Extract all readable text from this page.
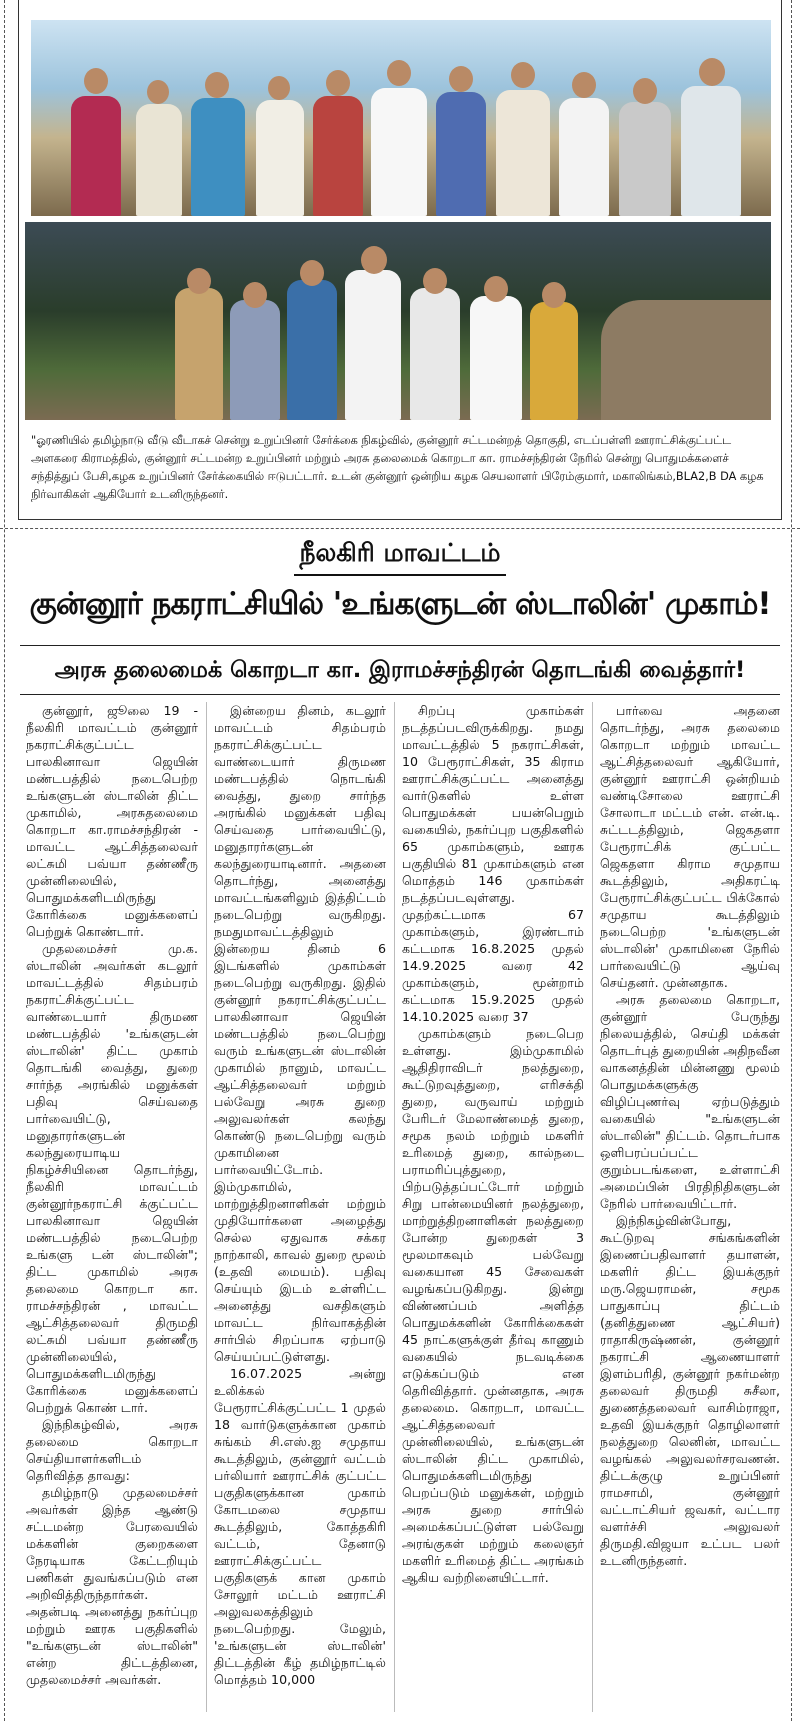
"ஓரணியில் தமிழ்நாடு வீடு வீடாகச் சென்று உறுப்பினர் சேர்க்கை நிகழ்வில், குன்னூர் சட்டமன்றத் தொகுதி, எடப்பள்ளி ஊராட்சிக்குட்பட்ட அளகரை கிராமத்தில், குன்னூர் சட்டமன்ற உறுப்பினர் மற்றும் அரசு தலைமைக் கொறடா கா. ராமச்சந்திரன் நேரில் சென்று பொதுமக்களைச் சந்தித்துப் பேசி,கழக உறுப்பினர் சேர்க்கையில் ஈடுபட்டார். உடன் குன்னூர் ஒன்றிய கழக செயலாளர் பிரேம்குமார், மகாலிங்கம்,BLA2,B DA கழக நிர்வாகிகள் ஆகியோர் உடனிருந்தனர்.
நீலகிரி மாவட்டம்
குன்னூர் நகராட்சியில் 'உங்களுடன் ஸ்டாலின்' முகாம்!
அரசு தலைமைக் கொறடா கா. இராமச்சந்திரன் தொடங்கி வைத்தார்!

குன்னூர், ஜூலை 19 - நீலகிரி மாவட்டம் குன்னூர் நகராட்சிக்குட்பட்ட பாலகினாவா ஜெயின் மண்டபத்தில் நடைபெற்ற உங்களுடன் ஸ்டாலின் திட்ட முகாமில், அரசுதலைமை கொறடா கா.ராமச்சந்திரன் - மாவட்ட ஆட்சித்தலைவர் லட்சுமி பவ்யா தண்ணீரு முன்னிலையில், பொதுமக்களிடமிருந்து கோரிக்கை மனுக்களைப் பெற்றுக் கொண்டார்.

முதலமைச்சர் மு.க. ஸ்டாலின் அவர்கள் கடலூர் மாவட்டத்தில் சிதம்பரம் நகராட்சிக்குட்பட்ட வாண்டையார் திருமண மண்டபத்தில் 'உங்களுடன் ஸ்டாலின்' திட்ட முகாம் தொடங்கி வைத்து, துறை சார்ந்த அரங்கில் மனுக்கள் பதிவு செய்வதை பார்வையிட்டு, மனுதாரர்களுடன் கலந்துரையாடிய நிகழ்ச்சியினை தொடர்ந்து, நீலகிரி மாவட்டம் குன்னூர்நகராட்சி க்குட்பட்ட பாலகினாவா ஜெயின் மண்டபத்தில் நடைபெற்ற உங்களு டன் ஸ்டாலின்"; திட்ட முகாமில் அரசு தலைமை கொறடா கா. ராமச்சந்திரன் , மாவட்ட ஆட்சித்தலைவர் திருமதி லட்சுமி பவ்யா தண்ணீரு முன்னிலையில், பொதுமக்களிடமிருந்து கோரிக்கை மனுக்களைப் பெற்றுக் கொண் டார்.

இந்நிகழ்வில், அரசு தலைமை கொறடா செய்தியாளர்களிடம் தெரிவித்த தாவது:

தமிழ்நாடு முதலமைச்சர் அவர்கள் இந்த ஆண்டு சட்டமன்ற பேரவையில் மக்களின் குறைகளை நேரடியாக கேட்டறியும் பணிகள் துவங்கப்படும் என அறிவித்திருந்தார்கள். அதன்படி அனைத்து நகர்ப்புற மற்றும் ஊரக பகுதிகளில் "உங்களுடன் ஸ்டாலின்" என்ற திட்டத்தினை, முதலமைச்சர் அவர்கள்.

இன்றைய தினம், கடலூர் மாவட்டம் சிதம்பரம் நகராட்சிக்குட்பட்ட வாண்டையார் திருமண மண்டபத்தில் நொடங்கி வைத்து, துறை சார்ந்த அரங்கில் மனுக்கள் பதிவு செய்வதை பார்வையிட்டு, மனுதாரர்களுடன் கலந்துரையாடினார். அதனை தொடர்ந்து, அனைத்து மாவட்டங்களிலும் இத்திட்டம் நடைபெற்று வருகிறது. நமதுமாவட்டத்திலும் இன்றைய தினம் 6 இடங்களில் முகாம்கள் நடைபெற்று வருகிறது. இதில் குன்னூர் நகராட்சிக்குட்பட்ட பாலகினாவா ஜெயின் மண்டபத்தில் நடைபெற்று வரும் உங்களுடன் ஸ்டாலின் முகாமில் நானும், மாவட்ட ஆட்சித்தலைவர் மற்றும் பல்வேறு அரசு துறை அலுவலர்கள் கலந்து கொண்டு நடைபெற்று வரும் முகாமினை பார்வையிட்டோம். இம்முகாமில், மாற்றுத்திறனாளிகள் மற்றும் முதியோர்களை அழைத்து செல்ல ஏதுவாக சக்கர நாற்காலி, காவல் துறை மூலம் (உதவி மையம்). பதிவு செய்யும் இடம் உள்ளிட்ட அனைத்து வசதிகளும் மாவட்ட நிர்வாகத்தின் சார்பில் சிறப்பாக ஏற்பாடு செய்யப்பட்டுள்ளது.

16.07.2025 அன்று உலிக்கல் பேரூராட்சிக்குட்பட்ட 1 முதல் 18 வார்டுகளுக்கான முகாம் சுங்கம் சி.எஸ்.ஐ சமுதாய கூடத்திலும், குன்னூர் வட்டம் பர்லியார் ஊராட்சிக் குட்பட்ட பகுதிகளுக்கான முகாம் கோடமலை சமுதாய கூடத்திலும், கோத்தகிரி வட்டம், தேனாடு ஊராட்சிக்குட்பட்ட பகுதிகளுக் கான முகாம் சோலூர் மட்டம் ஊராட்சி அலுவலகத்திலும் நடைபெற்றது. மேலும், 'உங்களுடன் ஸ்டாலின்' திட்டத்தின் கீழ் தமிழ்நாட்டில் மொத்தம் 10,000

சிறப்பு முகாம்கள் நடத்தப்படவிருக்கிறது. நமது மாவட்டத்தில் 5 நகராட்சிகள், 10 பேரூராட்சிகள், 35 கிராம ஊராட்சிக்குட்பட்ட அனைத்து வார்டுகளில் உள்ள பொதுமக்கள் பயன்பெறும் வகையில், நகர்ப்புற பகுதிகளில் 65 முகாம்களும், ஊரக பகுதியில் 81 முகாம்களும் என மொத்தம் 146 முகாம்கள் நடத்தப்படவுள்ளது. முதற்கட்டமாக 67 முகாம்களும், இரண்டாம் கட்டமாக 16.8.2025 முதல் 14.9.2025 வரை 42 முகாம்களும், மூன்றாம் கட்டமாக 15.9.2025 முதல் 14.10.2025 வரை 37

முகாம்களும் நடைபெற உள்ளது. இம்முகாமில் ஆதிதிராவிடர் நலத்துறை, கூட்டுறவுத்துறை, எரிசக்தி துறை, வருவாய் மற்றும் பேரிடர் மேலாண்மைத் துறை, சமூக நலம் மற்றும் மகளிர் உரிமைத் துறை, கால்நடை பராமரிப்புத்துறை, பிற்படுத்தப்பட்டோர் மற்றும் சிறு பான்மையினர் நலத்துறை, மாற்றுத்திறனாளிகள் நலத்துறை போன்ற துறைகள் 3 மூலமாகவும் பல்வேறு வகையான 45 சேவைகள் வழங்கப்படுகிறது. இன்று விண்ணப்பம் அளித்த பொதுமக்களின் கோரிக்கைகள் 45 நாட்களுக்குள் தீர்வு காணும் வகையில் நடவடிக்கை எடுக்கப்படும் என தெரிவித்தார். முன்னதாக, அரசு தலைமை. கொறடா, மாவட்ட ஆட்சித்தலைவர் முன்னிலையில், உங்களுடன் ஸ்டாலின் திட்ட முகாமில், பொதுமக்களிடமிருந்து பெறப்படும் மனுக்கள், மற்றும் அரசு துறை சார்பில் அமைக்கப்பட்டுள்ள பல்வேறு அரங்குகள் மற்றும் கலைஞர் மகளிர் உரிமைத் திட்ட அரங்கம் ஆகிய வற்றினையிட்டார்.

பார்வை அதனை தொடர்ந்து, அரசு தலைமை கொறடா மற்றும் மாவட்ட ஆட்சித்தலைவர் ஆகியோர், குன்னூர் ஊராட்சி ஒன்றியம் வண்டிசோலை ஊராட்சி சோலாடா மட்டம் என். என்.டி. சுட்டடத்திலும், ஜெகதளா பேரூராட்சிக் குட்பட்ட ஜெகதளா கிராம சமுதாய கூடத்திலும், அதிகரட்டி பேரூராட்சிக்குட்பட்ட பிக்கோல் சமுதாய கூடத்திலும் நடைபெற்ற 'உங்களுடன் ஸ்டாலின்' முகாமினை நேரில் பார்வையிட்டு ஆய்வு செய்தனர். முன்னதாக.

அரசு தலைமை கொறடா, குன்னூர் பேருந்து நிலையத்தில், செய்தி மக்கள் தொடர்புத் துறையின் அதிநவீன வாகனத்தின் மின்னணு மூலம் பொதுமக்களுக்கு விழிப்புணர்வு ஏற்படுத்தும் வகையில் "உங்களுடன் ஸ்டாலின்" திட்டம். தொடர்பாக ஒளிபரப்பப்பட்ட குறும்படங்களை, உள்ளாட்சி அமைப்பின் பிரதிநிதிகளுடன் நேரில் பார்வையிட்டார்.

இந்நிகழ்வின்போது, கூட்டுறவு சங்கங்களின் இணைப்பதிவாளர் தயாளன், மகளிர் திட்ட இயக்குநர் மரு.ஜெயராமன், சமூக பாதுகாப்பு திட்டம் (தனித்துணை ஆட்சியர்) ராதாகிருஷ்ணன், குன்னூர் நகராட்சி ஆணையாளர் இளம்பரிதி, குன்னூர் நகர்மன்ற தலைவர் திருமதி சுசீலா, துணைத்தலைவர் வாசிம்ராஜா, உதவி இயக்குநர் தொழிலாளர் நலத்துறை லெனின், மாவட்ட வழங்கல் அலுவலர்சரவணன். திட்டக்குழு உறுப்பினர் ராமசாமி, குன்னூர் வட்டாட்சியர் ஜவகர், வட்டார வளர்ச்சி அலுவலர் திருமதி.விஜயா உட்பட பலர் உடனிருந்தனர்.
